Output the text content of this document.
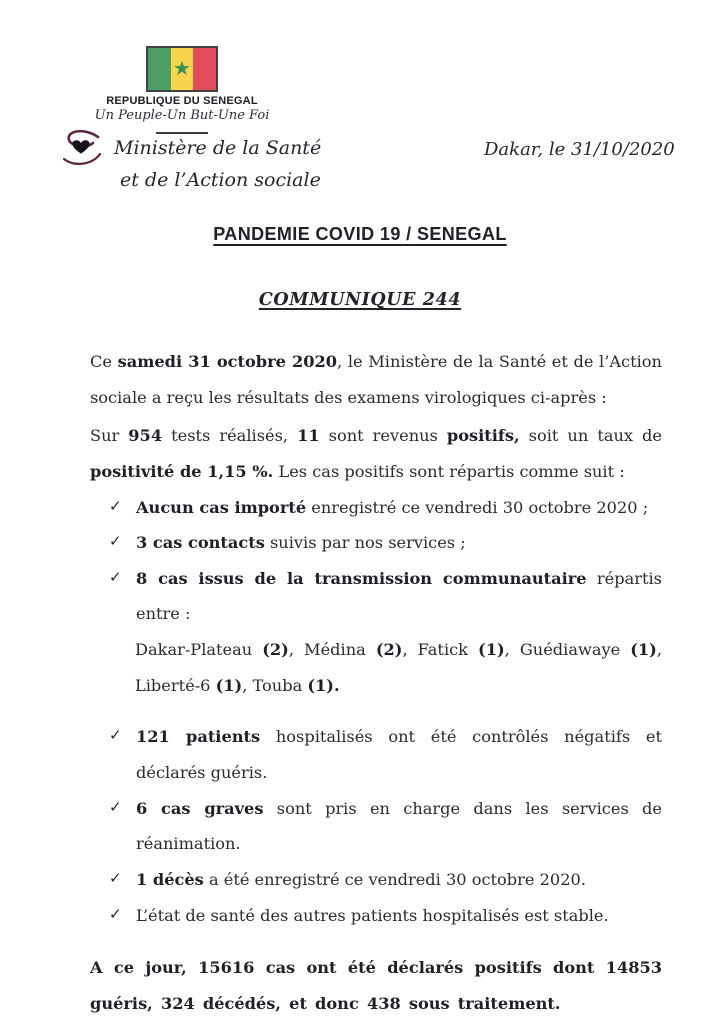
★
REPUBLIQUE DU SENEGAL
Un Peuple-Un But-Une Foi
Ministère de la Santé
et de l’Action sociale
Dakar, le 31/10/2020
PANDEMIE COVID 19 / SENEGAL
COMMUNIQUE 244

Ce samedi 31 octobre 2020, le Ministère de la Santé et de l’Action sociale a reçu les résultats des examens virologiques ci-après :

Sur 954 tests réalisés, 11 sont revenus positifs, soit un taux de positivité de 1,15 %. Les cas positifs sont répartis comme suit :

✓ Aucun cas importé enregistré ce vendredi 30 octobre 2020 ;
✓ 3 cas contacts suivis par nos services ;
✓ 8 cas issus de la transmission communautaire répartis entre :

Dakar-Plateau (2), Médina (2), Fatick (1), Guédiawaye (1), Liberté-6 (1), Touba (1).

✓ 121 patients hospitalisés ont été contrôlés négatifs et déclarés guéris.
✓ 6 cas graves sont pris en charge dans les services de réanimation.
✓ 1 décès a été enregistré ce vendredi 30 octobre 2020.
✓ L’état de santé des autres patients hospitalisés est stable.

A ce jour, 15616 cas ont été déclarés positifs dont 14853 guéris, 324 décédés, et donc 438 sous traitement.
